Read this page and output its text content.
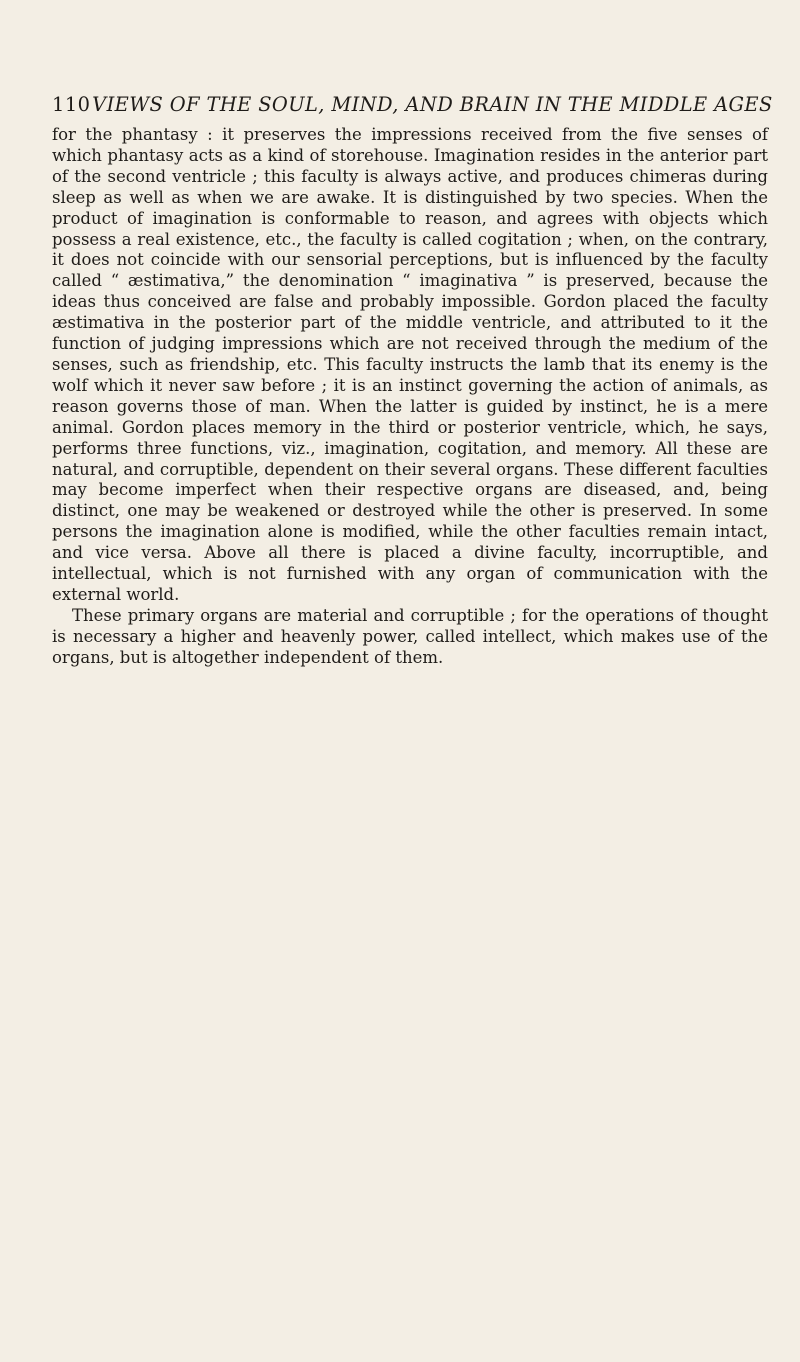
110 VIEWS OF THE SOUL, MIND, AND BRAIN IN THE MIDDLE AGES

for the phantasy : it preserves the impressions received from the five senses of which phantasy acts as a kind of storehouse. Imagination resides in the anterior part of the second ventricle ; this faculty is always active, and produces chimeras during sleep as well as when we are awake. It is distinguished by two species. When the product of imagination is conformable to reason, and agrees with objects which possess a real existence, etc., the faculty is called cogitation ; when, on the contrary, it does not coincide with our sensorial perceptions, but is influenced by the faculty called “ æstimativa,” the denomination “ imaginativa ” is preserved, because the ideas thus conceived are false and probably impossible. Gordon placed the faculty æstimativa in the posterior part of the middle ventricle, and attributed to it the function of judging impressions which are not received through the medium of the senses, such as friendship, etc. This faculty instructs the lamb that its enemy is the wolf which it never saw before ; it is an instinct governing the action of animals, as reason governs those of man. When the latter is guided by instinct, he is a mere animal. Gordon places memory in the third or posterior ventricle, which, he says, performs three functions, viz., imagination, cogitation, and memory. All these are natural, and corruptible, dependent on their several organs. These different faculties may become imperfect when their respective organs are diseased, and, being distinct, one may be weakened or destroyed while the other is preserved. In some persons the imagination alone is modified, while the other faculties remain intact, and vice versa. Above all there is placed a divine faculty, incorruptible, and intellectual, which is not furnished with any organ of communication with the external world.

These primary organs are material and corruptible ; for the operations of thought is necessary a higher and heavenly power, called intellect, which makes use of the organs, but is altogether independent of them.
